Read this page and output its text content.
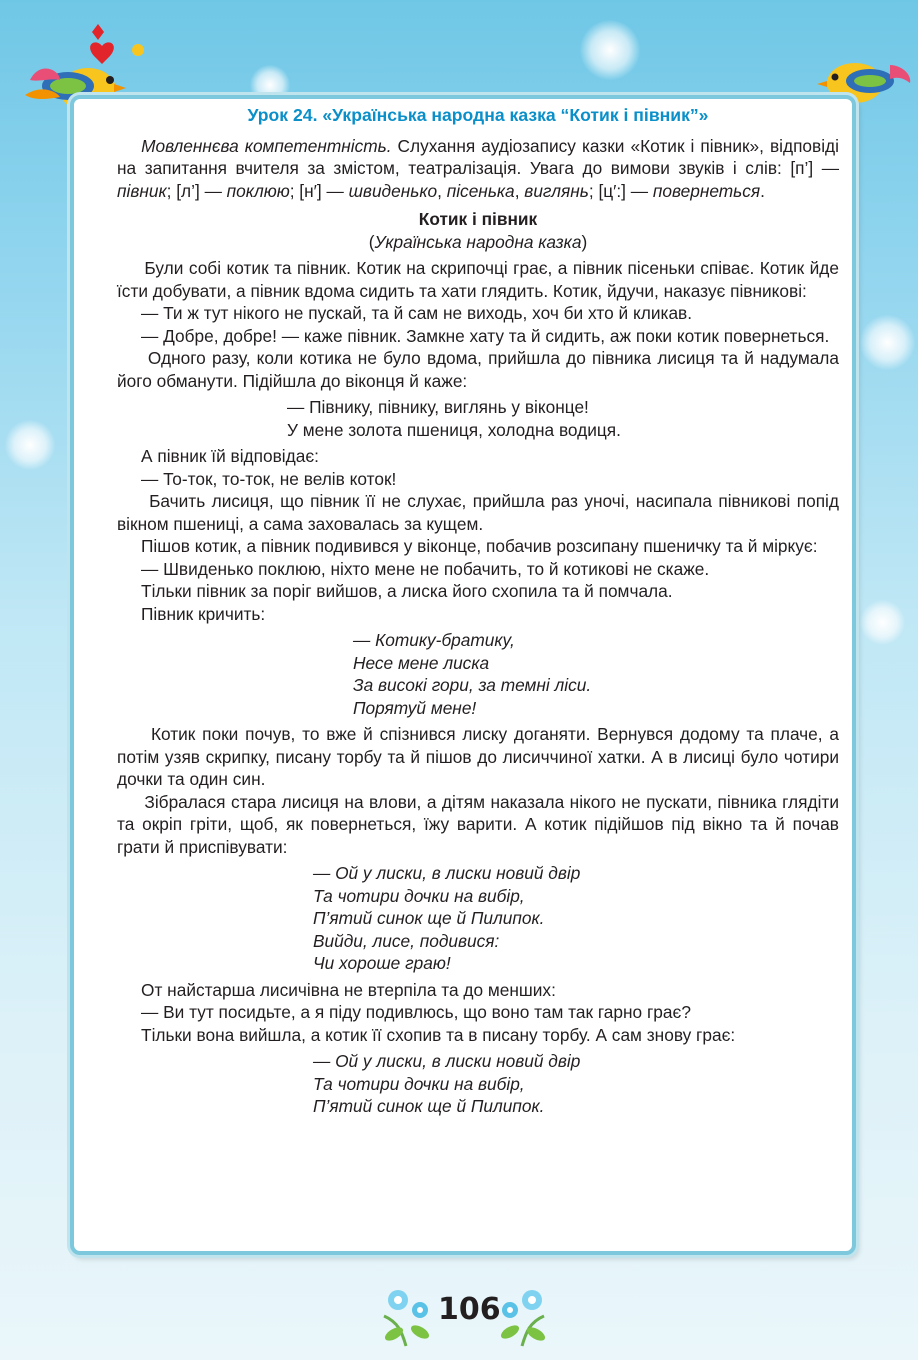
Урок 24. «Українська народна казка “Котик і півник”»

Мовленнєва компетентність. Слухання аудіозапису казки «Котик і півник», відповіді на запитання вчителя за змістом, театралізація. Увага до вимови звуків і слів: [п’] — півник; [л’] — поклюю; [н′] — швиденько, пісенька, виглянь; [ц′:] — повернеться.

Котик і півник
(Українська народна казка)

Були собі котик та півник. Котик на скрипочці грає, а півник пісеньки співає. Котик йде їсти добувати, а півник вдома сидить та хати глядить. Котик, йдучи, наказує півникові:

— Ти ж тут нікого не пускай, та й сам не виходь, хоч би хто й кликав.

— Добре, добре! — каже півник. Замкне хату та й сидить, аж поки котик повернеться.

Одного разу, коли котика не було вдома, прийшла до півника лисиця та й надумала його обманути. Підійшла до віконця й каже:

— Півнику, півнику, виглянь у віконце!
У мене золота пшениця, холодна водиця.

А півник їй відповідає:

— То-ток, то-ток, не велів коток!

Бачить лисиця, що півник її не слухає, прийшла раз уночі, насипала півникові попід вікном пшениці, а сама заховалась за кущем.

Пішов котик, а півник подивився у віконце, побачив розсипану пшеничку та й міркує:

— Швиденько поклюю, ніхто мене не побачить, то й котикові не скаже.

Тільки півник за поріг вийшов, а лиска його схопила та й помчала.

Півник кричить:

— Котику-братику,
Несе мене лиска
За високі гори, за темні ліси.
Порятуй мене!

Котик поки почув, то вже й спізнився лиску доганяти. Вернувся додому та плаче, а потім узяв скрипку, писану торбу та й пішов до лисиччиної хатки. А в лисиці було чотири дочки та один син.

Зібралася стара лисиця на влови, а дітям наказала нікого не пускати, півника глядіти та окріп гріти, щоб, як повернеться, їжу варити. А котик підійшов під вікно та й почав грати й приспівувати:

— Ой у лиски, в лиски новий двір
Та чотири дочки на вибір,
П’ятий синок ще й Пилипок.
Вийди, лисе, подивися:
Чи хороше граю!

От найстарша лисичівна не втерпіла та до менших:

— Ви тут посидьте, а я піду подивлюсь, що воно там так гарно грає?

Тільки вона вийшла, а котик її схопив та в писану торбу. А сам знову грає:

— Ой у лиски, в лиски новий двір
Та чотири дочки на вибір,
П’ятий синок ще й Пилипок.
106
